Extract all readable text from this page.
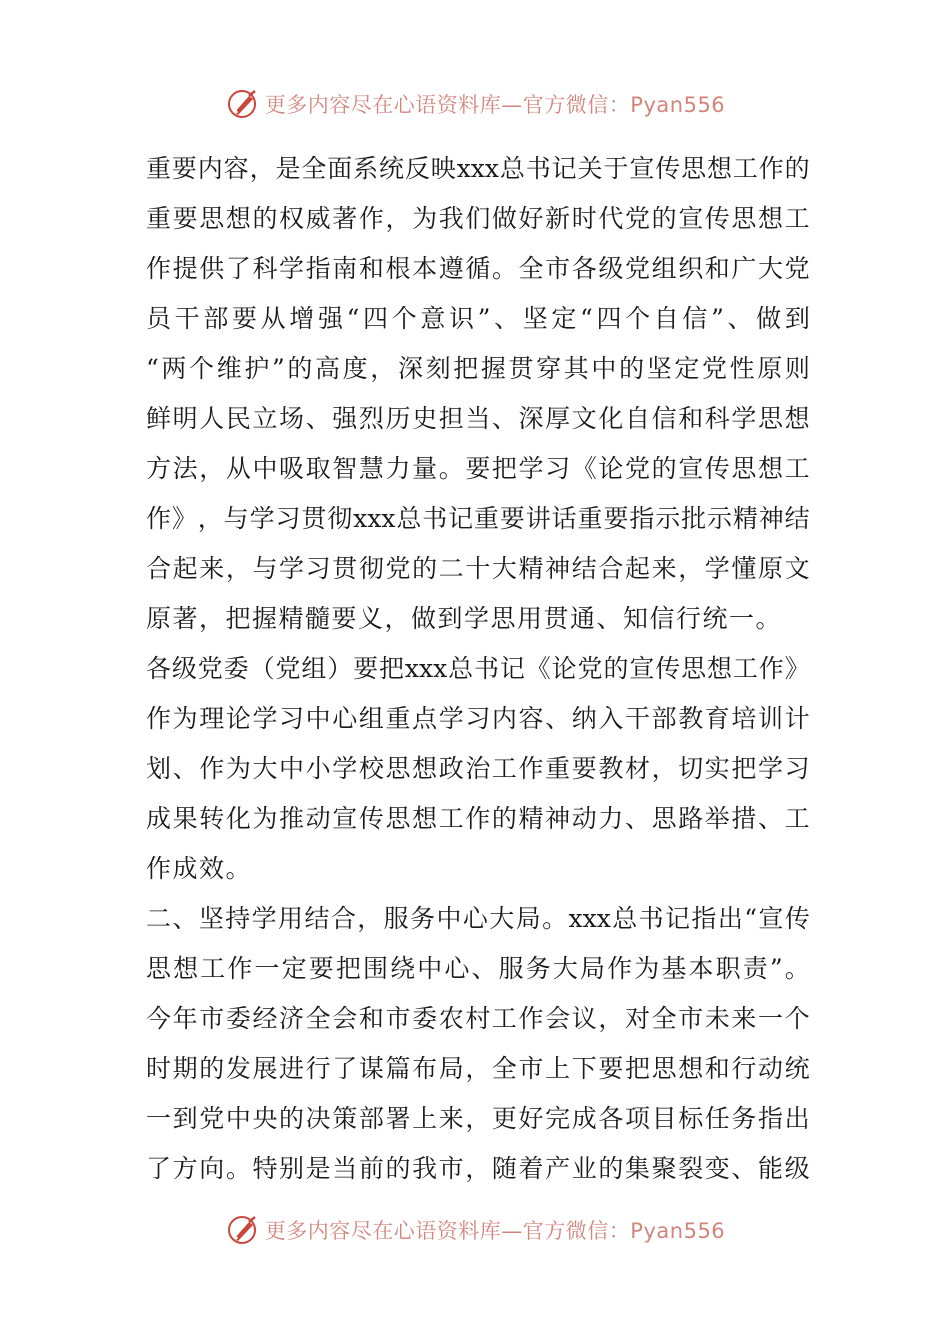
更多内容尽在心语资料库—官方微信：Pyan556
重 要 内 容 ， 是 全 面 系 统 反 映 xxx 总 书 记 关 于 宣 传 思 想 工 作 的
重 要 思 想 的 权 威 著 作 ， 为 我 们 做 好 新 时 代 党 的 宣 传 思 想 工
作 提 供 了 科 学 指 南 和 根 本 遵 循 。 全 市 各 级 党 组 织 和 广 大 党
员 干 部 要 从 增 强 “ 四 个 意 识 ” 、 坚 定 “ 四 个 自 信 ” 、 做 到
“ 两 个 维 护 ” 的 高 度 ， 深 刻 把 握 贯 穿 其 中 的 坚 定 党 性 原 则
鲜 明 人 民 立 场 、 强 烈 历 史 担 当 、 深 厚 文 化 自 信 和 科 学 思 想
方 法 ， 从 中 吸 取 智 慧 力 量 。 要 把 学 习 《 论 党 的 宣 传 思 想 工
作 》 ， 与 学 习 贯 彻 xxx 总 书 记 重 要 讲 话 重 要 指 示 批 示 精 神 结
合 起 来 ， 与 学 习 贯 彻 党 的 二 十 大 精 神 结 合 起 来 ， 学 懂 原 文
原著，把握精髓要义，做到学思用贯通、知信行统一。
各 级 党 委 （ 党 组 ） 要 把 xxx 总 书 记 《 论 党 的 宣 传 思 想 工 作 》
作 为 理 论 学 习 中 心 组 重 点 学 习 内 容 、 纳 入 干 部 教 育 培 训 计
划 、 作 为 大 中 小 学 校 思 想 政 治 工 作 重 要 教 材 ， 切 实 把 学 习
成 果 转 化 为 推 动 宣 传 思 想 工 作 的 精 神 动 力 、 思 路 举 措 、 工
作成效。
二 、 坚 持 学 用 结 合 ， 服 务 中 心 大 局 。 xxx 总 书 记 指 出 “ 宣 传
思 想 工 作 一 定 要 把 围 绕 中 心 、 服 务 大 局 作 为 基 本 职 责 ” 。
今 年 市 委 经 济 全 会 和 市 委 农 村 工 作 会 议 ， 对 全 市 未 来 一 个
时 期 的 发 展 进 行 了 谋 篇 布 局 ， 全 市 上 下 要 把 思 想 和 行 动 统
一 到 党 中 央 的 决 策 部 署 上 来 ， 更 好 完 成 各 项 目 标 任 务 指 出
了 方 向 。 特 别 是 当 前 的 我 市 ， 随 着 产 业 的 集 聚 裂 变 、 能 级
更多内容尽在心语资料库—官方微信：Pyan556
